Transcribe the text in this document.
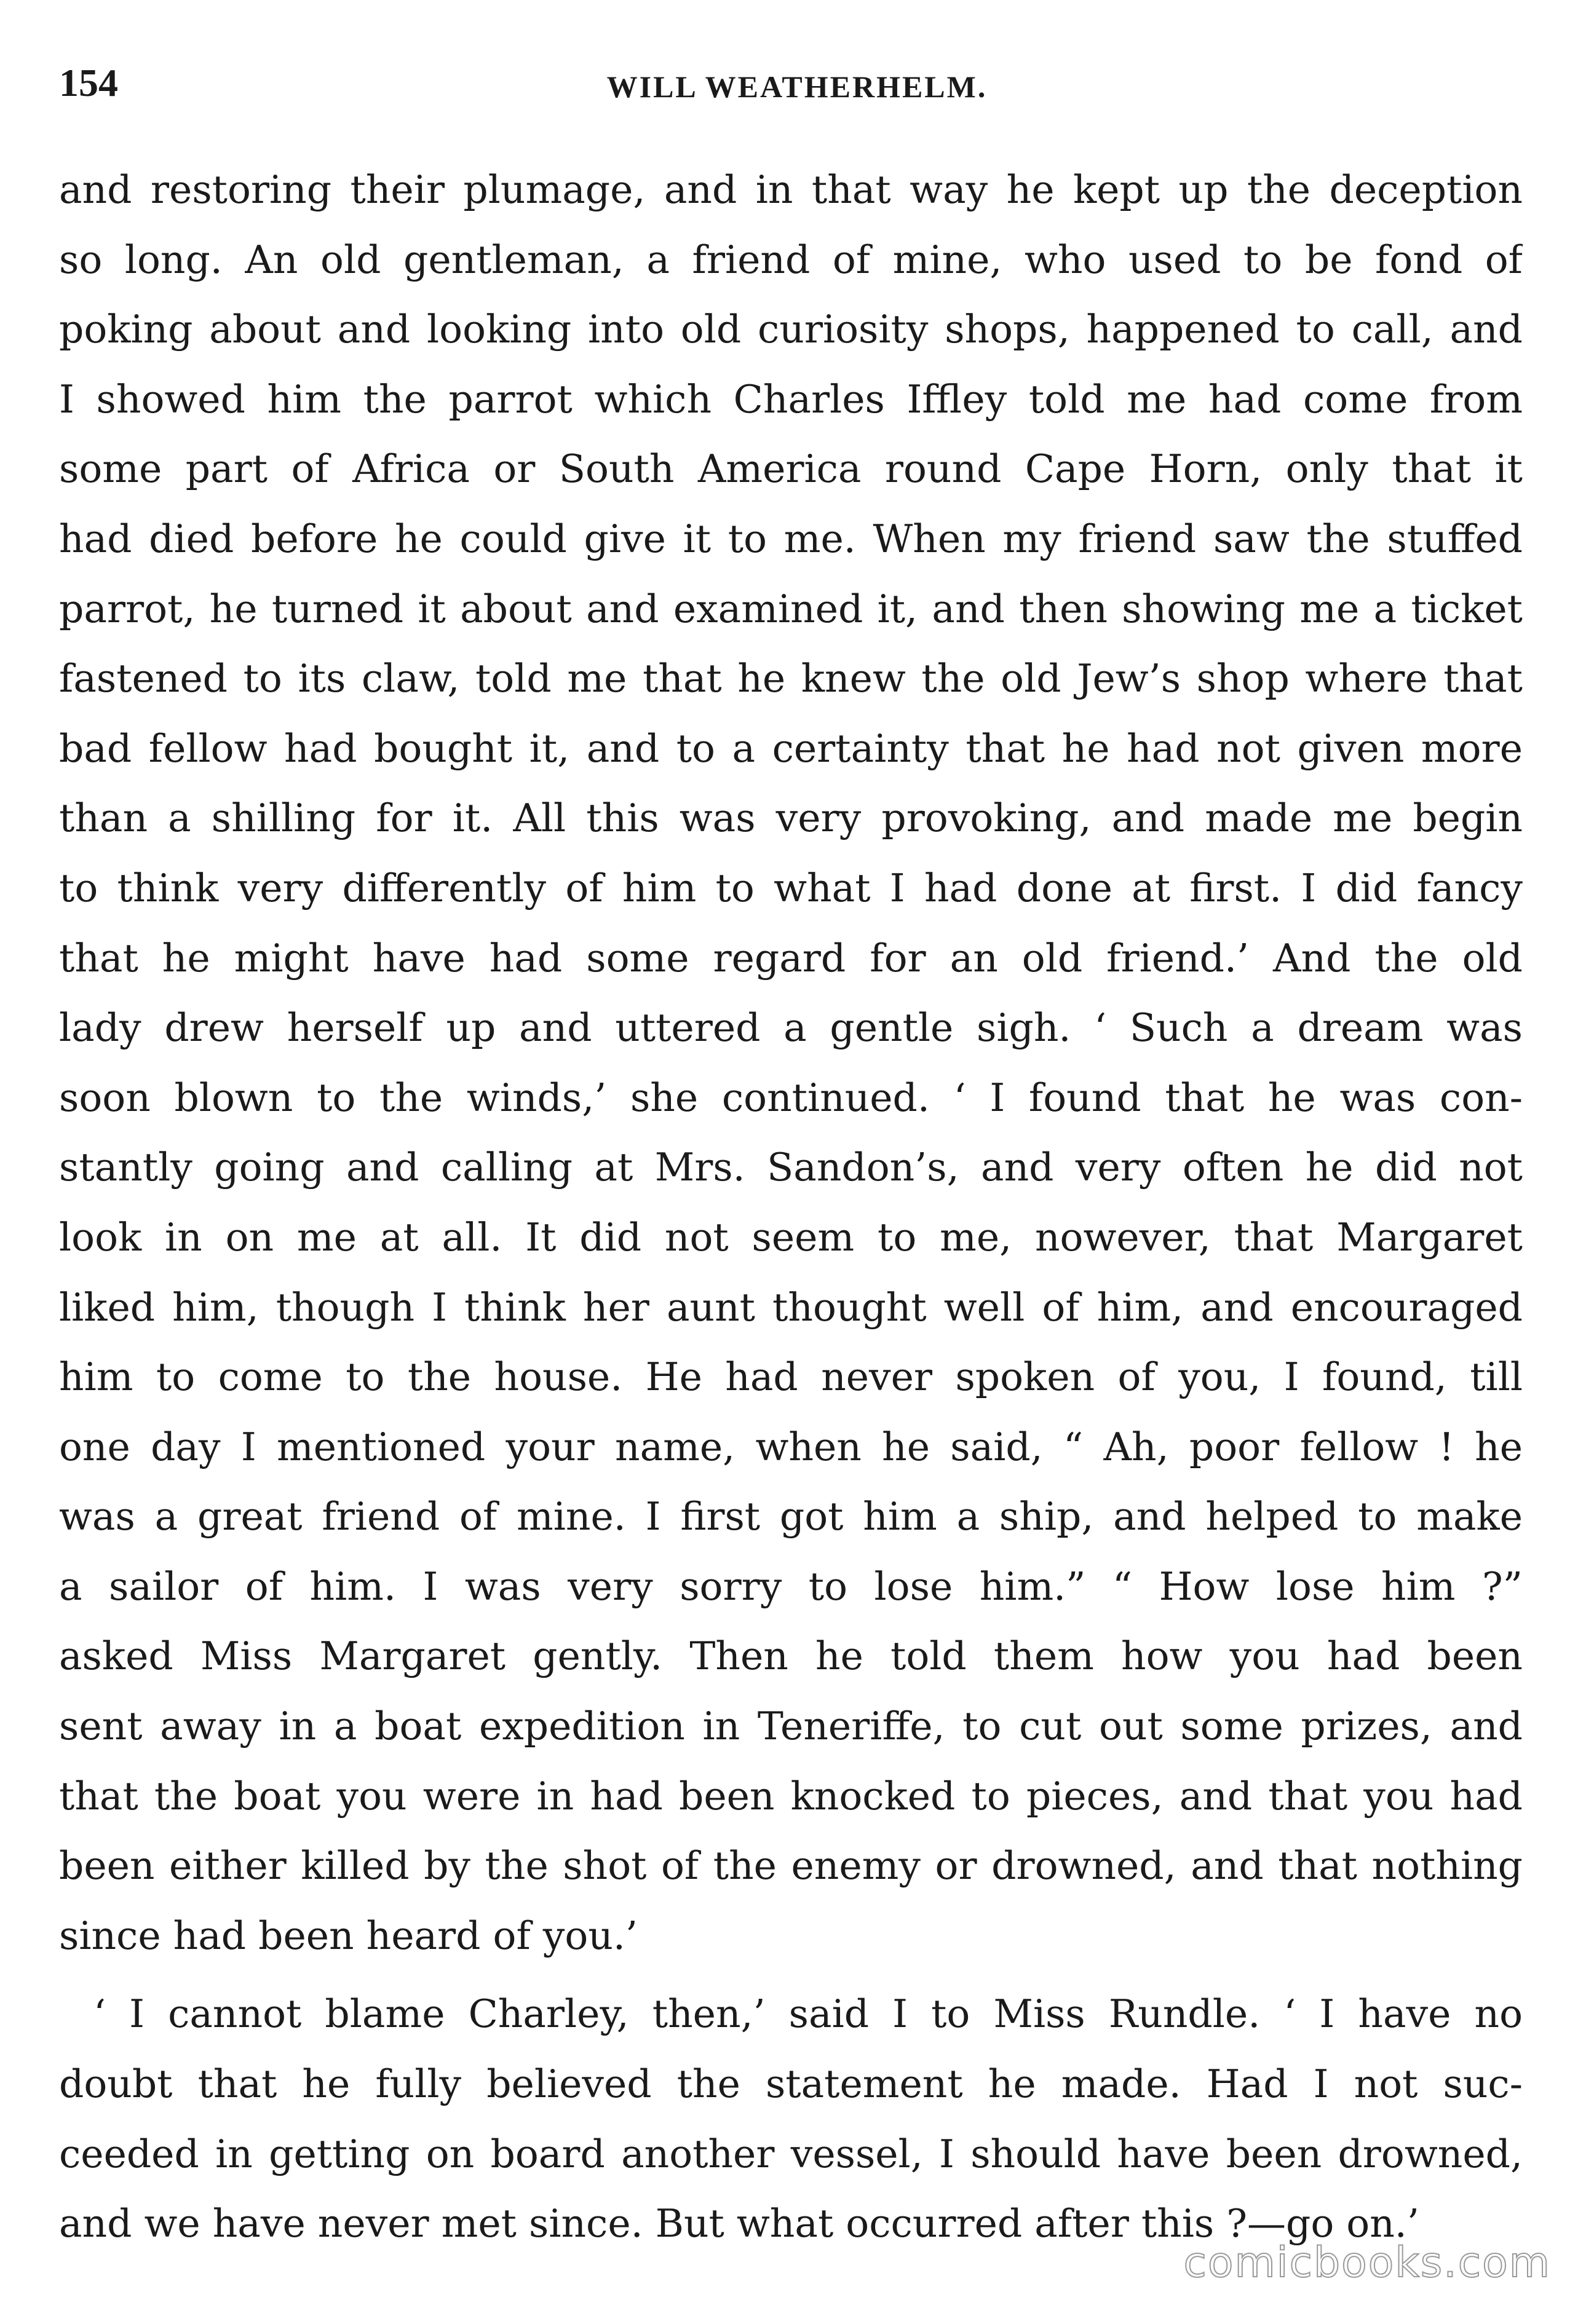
154	WILL WEATHERHELM.
and restoring their plumage, and in that way he kept up the deception
so long. An old gentleman, a friend of mine, who used to be fond of
poking about and looking into old curiosity shops, happened to call, and
I showed him the parrot which Charles Iffley told me had come from
some part of Africa or South America round Cape Horn, only that it
had died before he could give it to me. When my friend saw the stuffed
parrot, he turned it about and examined it, and then showing me a ticket
fastened to its claw, told me that he knew the old Jew’s shop where that
bad fellow had bought it, and to a certainty that he had not given more
than a shilling for it. All this was very provoking, and made me begin
to think very differently of him to what I had done at first. I did fancy
that he might have had some regard for an old friend.’ And the old
lady drew herself up and uttered a gentle sigh. ‘ Such a dream was
soon blown to the winds,’ she continued. ‘ I found that he was con-
stantly going and calling at Mrs. Sandon’s, and very often he did not
look in on me at all. It did not seem to me, nowever, that Margaret
liked him, though I think her aunt thought well of him, and encouraged
him to come to the house. He had never spoken of you, I found, till
one day I mentioned your name, when he said, “ Ah, poor fellow ! he
was a great friend of mine. I first got him a ship, and helped to make
a sailor of him. I was very sorry to lose him.” “ How lose him ?”
asked Miss Margaret gently. Then he told them how you had been
sent away in a boat expedition in Teneriffe, to cut out some prizes, and
that the boat you were in had been knocked to pieces, and that you had
been either killed by the shot of the enemy or drowned, and that nothing
since had been heard of you.’
‘ I cannot blame Charley, then,’ said I to Miss Rundle. ‘ I have no
doubt that he fully believed the statement he made. Had I not suc-
ceeded in getting on board another vessel, I should have been drowned,
and we have never met since. But what occurred after this ?—go on.’
comicbooks.com
